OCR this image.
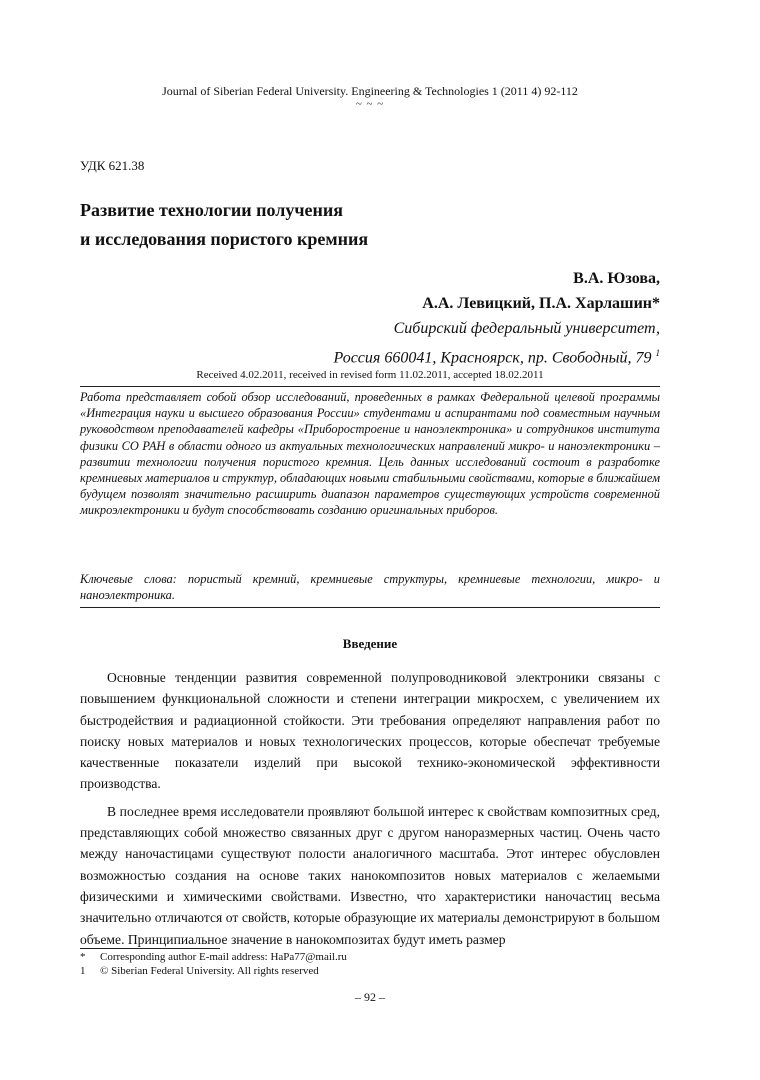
Journal of Siberian Federal University. Engineering & Technologies 1 (2011 4) 92-112
~ ~ ~
УДК 621.38
Развитие технологии получения
и исследования пористого кремния
В.А. Юзова,
А.А. Левицкий, П.А. Харлашин*
Сибирский федеральный университет,
Россия 660041, Красноярск, пр. Свободный, 79 $^1$
Received 4.02.2011, received in revised form 11.02.2011, accepted 18.02.2011
Работа представляет собой обзор исследований, проведенных в рамках Федеральной целевой программы «Интеграция науки и высшего образования России» студентами и аспирантами под совместным научным руководством преподавателей кафедры «Приборостроение и наноэлектроника» и сотрудников института физики СО РАН в области одного из актуальных технологических направлений микро- и наноэлектроники – развитии технологии получения пористого кремния. Цель данных исследований состоит в разработке кремниевых материалов и структур, обладающих новыми стабильными свойствами, которые в ближайшем будущем позволят значительно расширить диапазон параметров существующих устройств современной микроэлектроники и будут способствовать созданию оригинальных приборов.
Ключевые слова: пористый кремний, кремниевые структуры, кремниевые технологии, микро- и наноэлектроника.
Введение

Основные тенденции развития современной полупроводниковой электроники связаны с повышением функциональной сложности и степени интеграции микросхем, с увеличением их быстродействия и радиационной стойкости. Эти требования определяют направления работ по поиску новых материалов и новых технологических процессов, которые обеспечат требуемые качественные показатели изделий при высокой технико-экономической эффективности производства.

В последнее время исследователи проявляют большой интерес к свойствам композитных сред, представляющих собой множество связанных друг с другом наноразмерных частиц. Очень часто между наночастицами существуют полости аналогичного масштаба. Этот интерес обусловлен возможностью создания на основе таких нанокомпозитов новых материалов с желаемыми физическими и химическими свойствами. Известно, что характеристики наночастиц весьма значительно отличаются от свойств, которые образующие их материалы демонстрируют в большом объеме. Принципиальное значение в нанокомпозитах будут иметь размер

*	Corresponding author E-mail address: HaPa77@mail.ru
1	© Siberian Federal University. All rights reserved
– 92 –
